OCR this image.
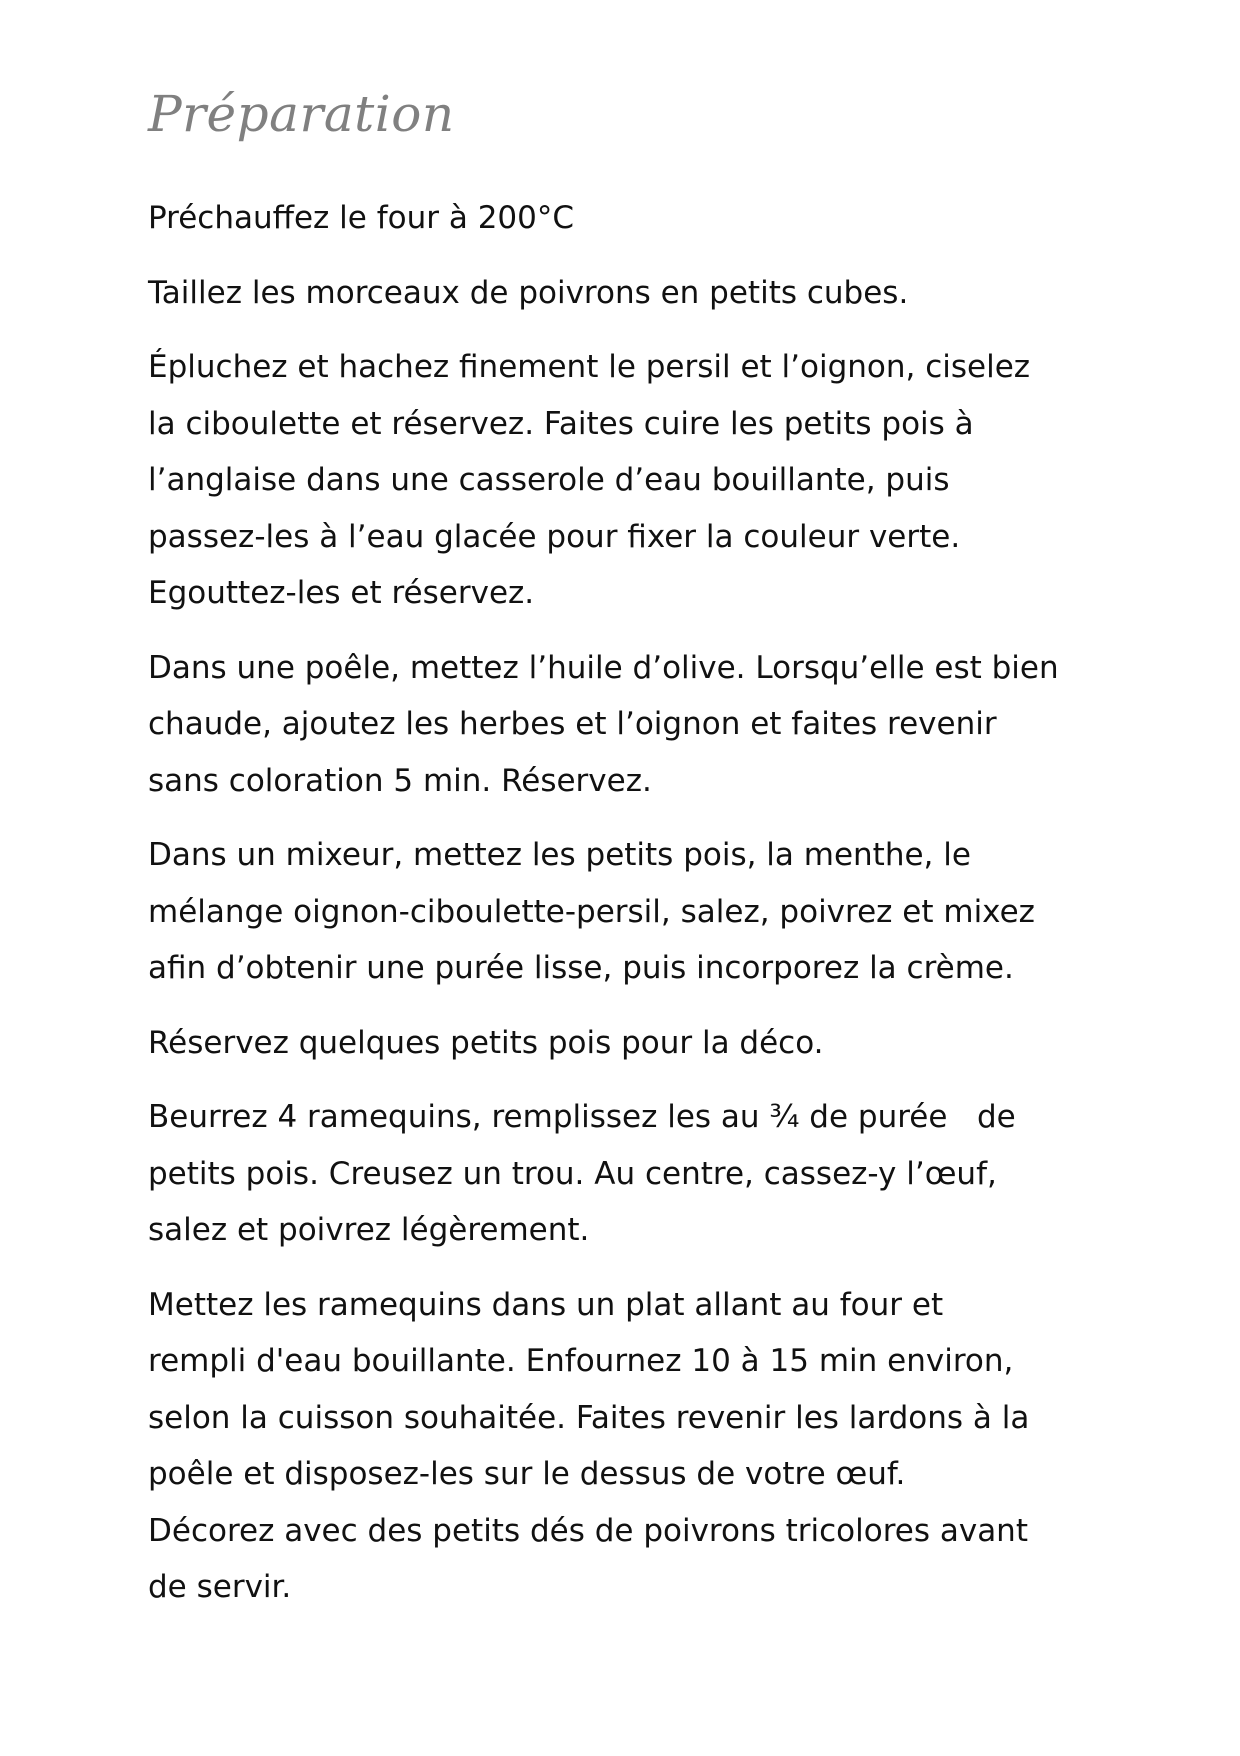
Préparation

Préchauffez le four à 200°C

Taillez les morceaux de poivrons en petits cubes.

Épluchez et hachez finement le persil et l’oignon, ciselez
la ciboulette et réservez. Faites cuire les petits pois à
l’anglaise dans une casserole d’eau bouillante, puis
passez-les à l’eau glacée pour fixer la couleur verte.
Egouttez-les et réservez.

Dans une poêle, mettez l’huile d’olive. Lorsqu’elle est bien
chaude, ajoutez les herbes et l’oignon et faites revenir
sans coloration 5 min. Réservez.

Dans un mixeur, mettez les petits pois, la menthe, le
mélange oignon-ciboulette-persil, salez, poivrez et mixez
afin d’obtenir une purée lisse, puis incorporez la crème.

Réservez quelques petits pois pour la déco.

Beurrez 4 ramequins, remplissez les au ¾ de purée   de
petits pois. Creusez un trou. Au centre, cassez-y l’œuf,
salez et poivrez légèrement.

Mettez les ramequins dans un plat allant au four et
rempli d'eau bouillante. Enfournez 10 à 15 min environ,
selon la cuisson souhaitée. Faites revenir les lardons à la
poêle et disposez-les sur le dessus de votre œuf.
Décorez avec des petits dés de poivrons tricolores avant
de servir.
